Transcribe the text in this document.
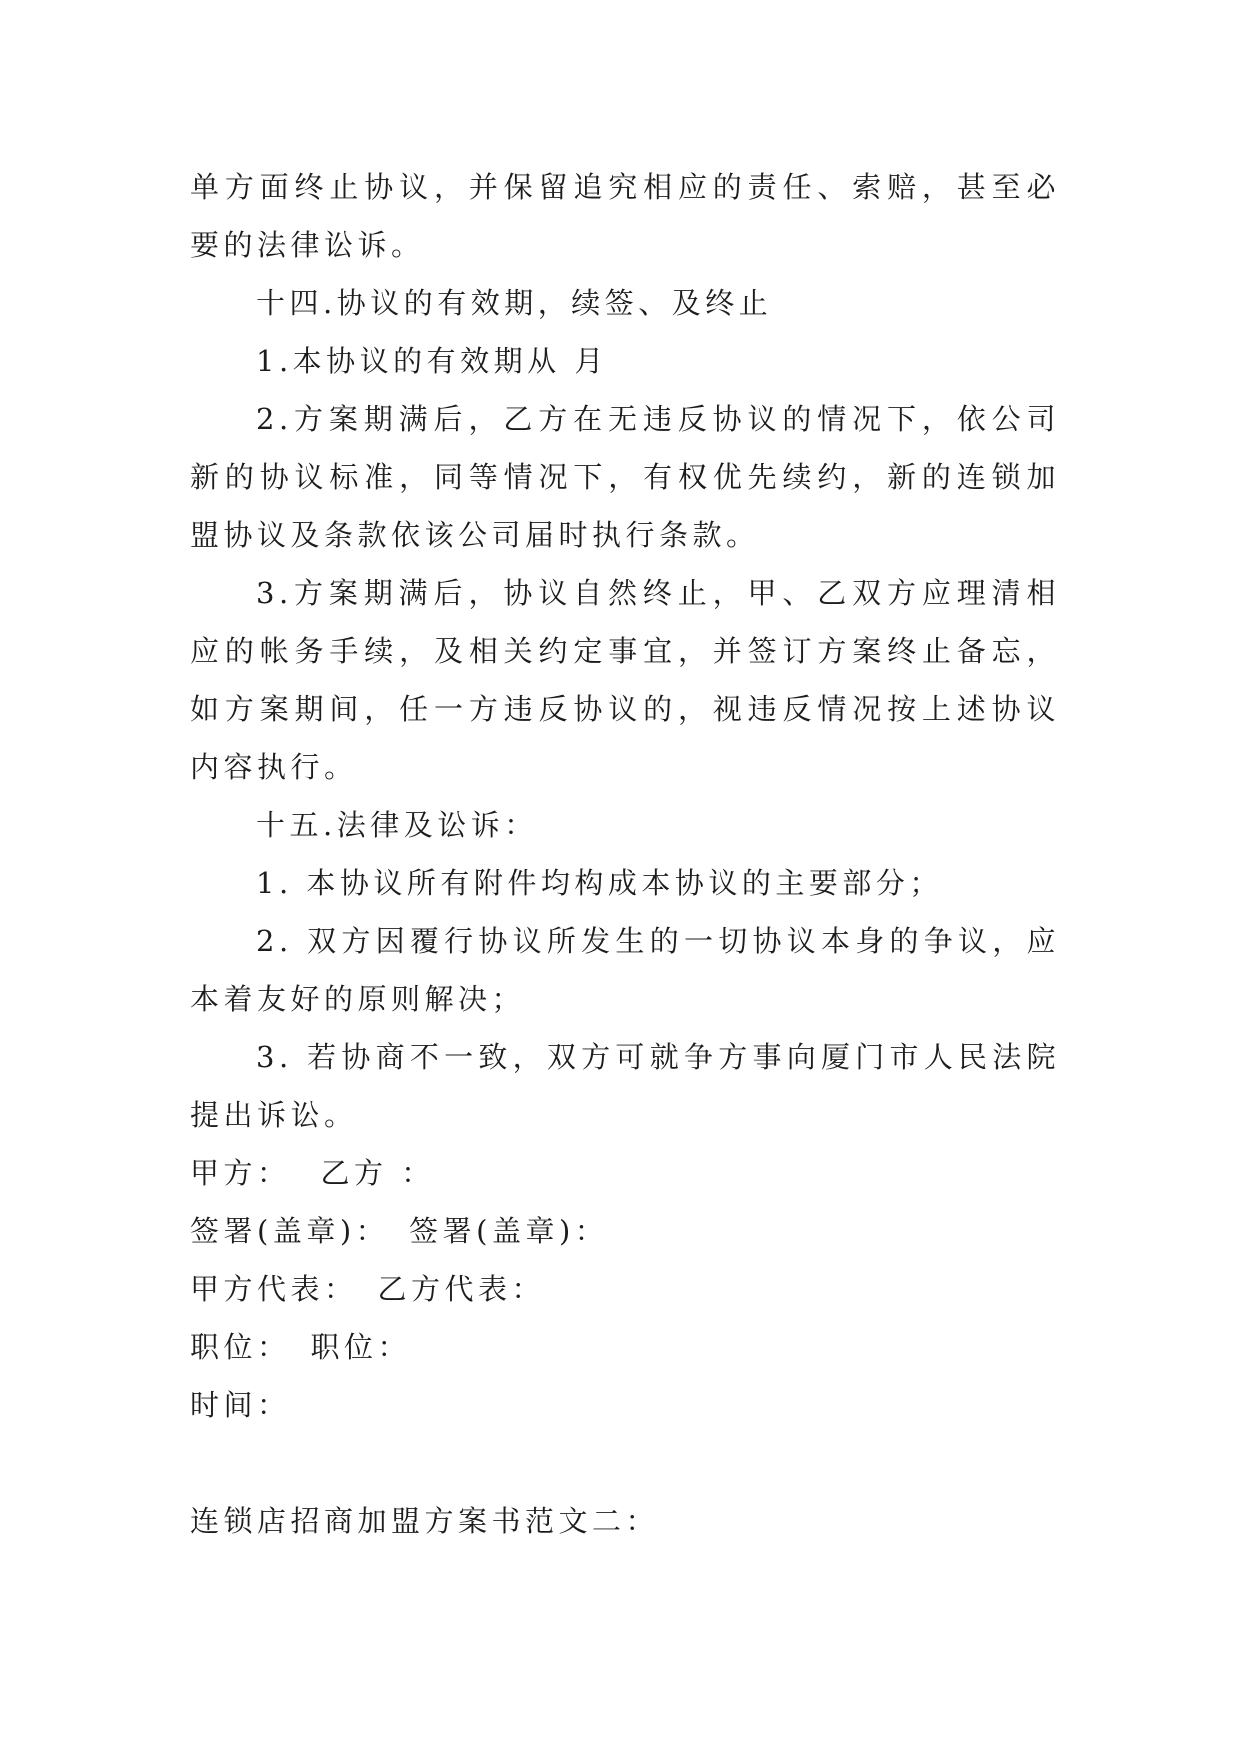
单方面终止协议，并保留追究相应的责任、索赔，甚至必要的法律讼诉。

十四.协议的有效期，续签、及终止

1.本协议的有效期从 月

2.方案期满后，乙方在无违反协议的情况下，依公司新的协议标准，同等情况下，有权优先续约，新的连锁加盟协议及条款依该公司届时执行条款。

3.方案期满后，协议自然终止，甲、乙双方应理清相应的帐务手续，及相关约定事宜，并签订方案终止备忘，如方案期间，任一方违反协议的，视违反情况按上述协议内容执行。

十五.法律及讼诉：

1. 本协议所有附件均构成本协议的主要部分；

2. 双方因覆行协议所发生的一切协议本身的争议，应本着友好的原则解决；

3. 若协商不一致，双方可就争方事向厦门市人民法院提出诉讼。

甲方： 乙方 ：

签署(盖章)： 签署(盖章)：

甲方代表： 乙方代表：

职位： 职位：

时间：

连锁店招商加盟方案书范文二：
